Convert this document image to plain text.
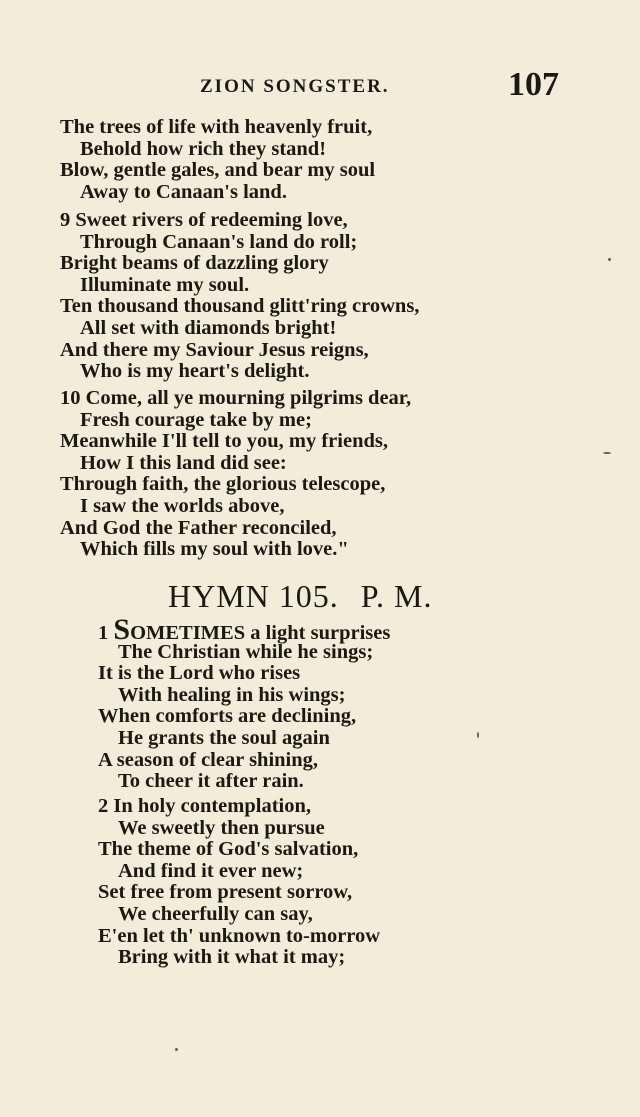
ZION SONGSTER.	107
The trees of life with heavenly fruit,
Behold how rich they stand!
Blow, gentle gales, and bear my soul
Away to Canaan's land.
9 Sweet rivers of redeeming love,
Through Canaan's land do roll;
Bright beams of dazzling glory
Illuminate my soul.
Ten thousand thousand glitt'ring crowns,
All set with diamonds bright!
And there my Saviour Jesus reigns,
Who is my heart's delight.
10 Come, all ye mourning pilgrims dear,
Fresh courage take by me;
Meanwhile I'll tell to you, my friends,
How I this land did see:
Through faith, the glorious telescope,
I saw the worlds above,
And God the Father reconciled,
Which fills my soul with love."
HYMN 105. P. M.
1 SOMETIMES a light surprises
The Christian while he sings;
It is the Lord who rises
With healing in his wings;
When comforts are declining,
He grants the soul again
A season of clear shining,
To cheer it after rain.
2 In holy contemplation,
We sweetly then pursue
The theme of God's salvation,
And find it ever new;
Set free from present sorrow,
We cheerfully can say,
E'en let th' unknown to-morrow
Bring with it what it may;
